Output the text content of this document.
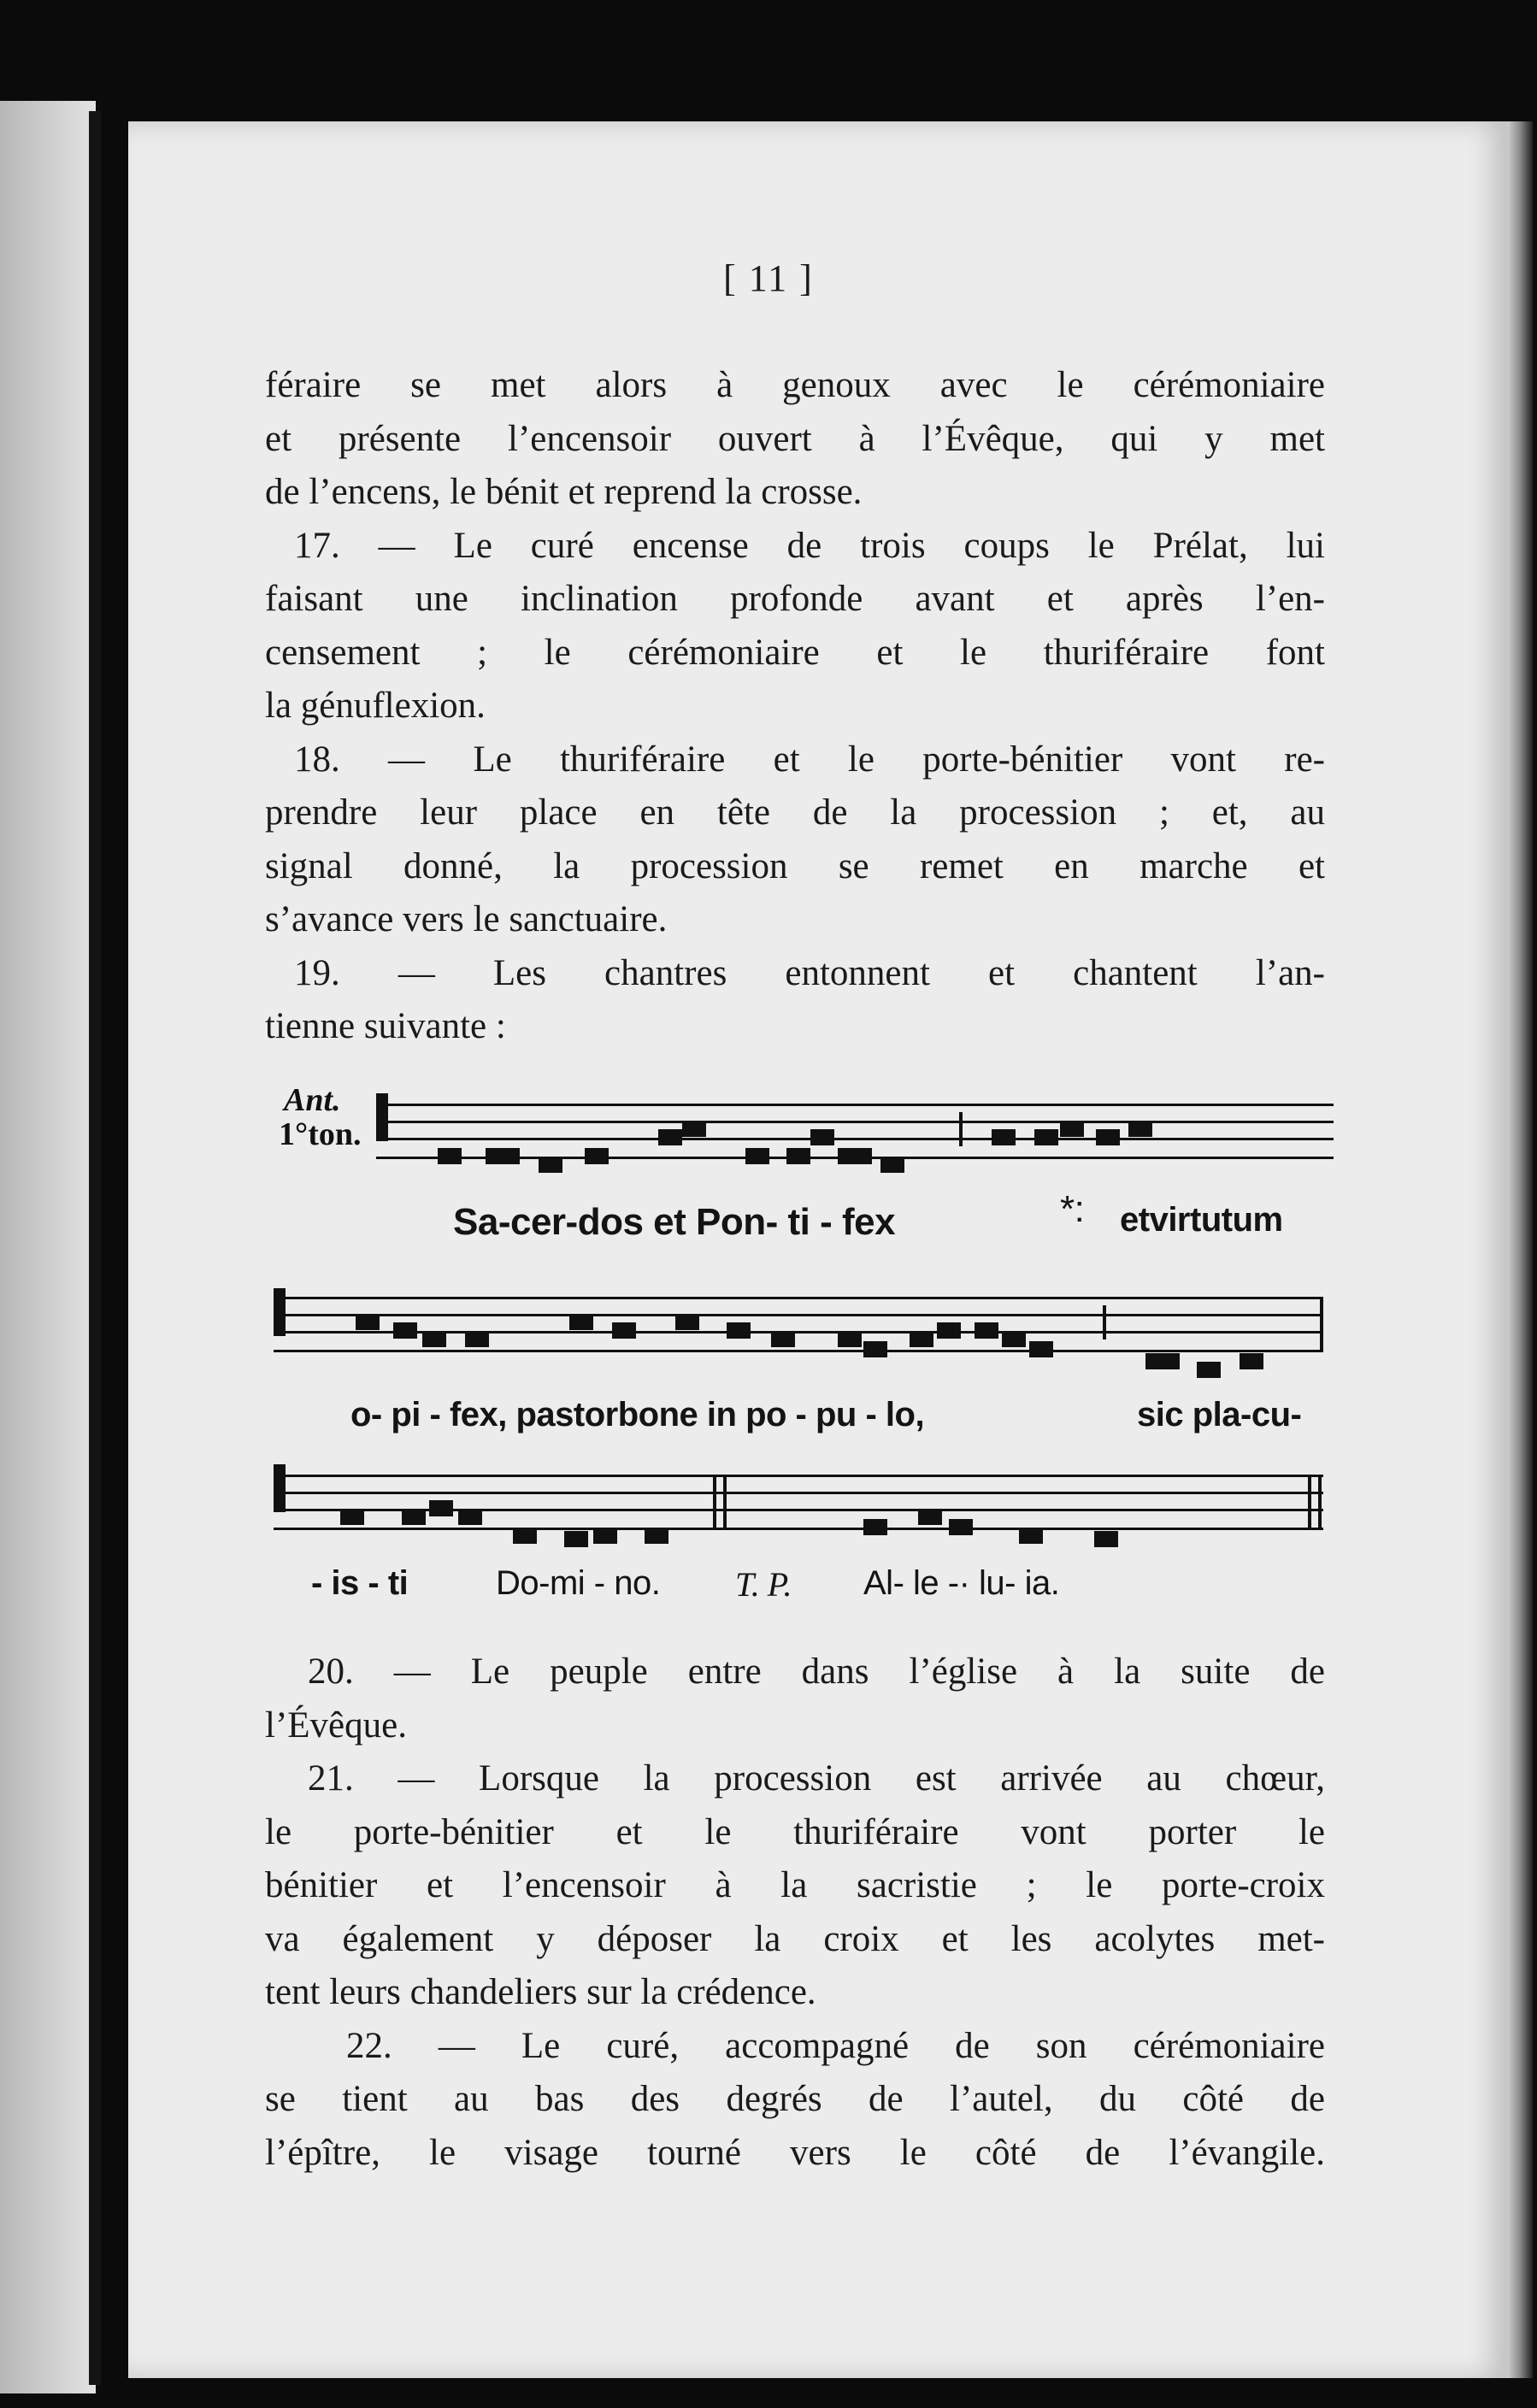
[ 11 ]

féraire se met alors à genoux avec le cérémoniaire
et présente l’encensoir ouvert à l’Évêque, qui y met
de l’encens, le bénit et reprend la crosse.

17. — Le curé encense de trois coups le Prélat, lui

faisant une inclination profonde avant et après l’en-
censement ; le cérémoniaire et le thuriféraire font
la génuflexion.

18. — Le thuriféraire et le porte-bénitier vont re-

prendre leur place en tête de la procession ; et, au
signal donné, la procession se remet en marche et
s’avance vers le sanctuaire.

19. — Les chantres entonnent et chantent l’an-

tienne suivante :

Ant.
1°ton.
Sa-cer-dos et Pon- ti - fex	*: etvirtutum
o- pi - fex, pastorbone in po - pu - lo,	sic pla-cu-
- is - ti	Do-mi - no. T. P. Al- le -· lu- ia.

20. — Le peuple entre dans l’église à la suite de

l’Évêque.

21. — Lorsque la procession est arrivée au chœur,

le porte-bénitier et le thuriféraire vont porter le
bénitier et l’encensoir à la sacristie ; le porte-croix
va également y déposer la croix et les acolytes met-
tent leurs chandeliers sur la crédence.

22. — Le curé, accompagné de son cérémoniaire

se tient au bas des degrés de l’autel, du côté de
l’épître, le visage tourné vers le côté de l’évangile.
